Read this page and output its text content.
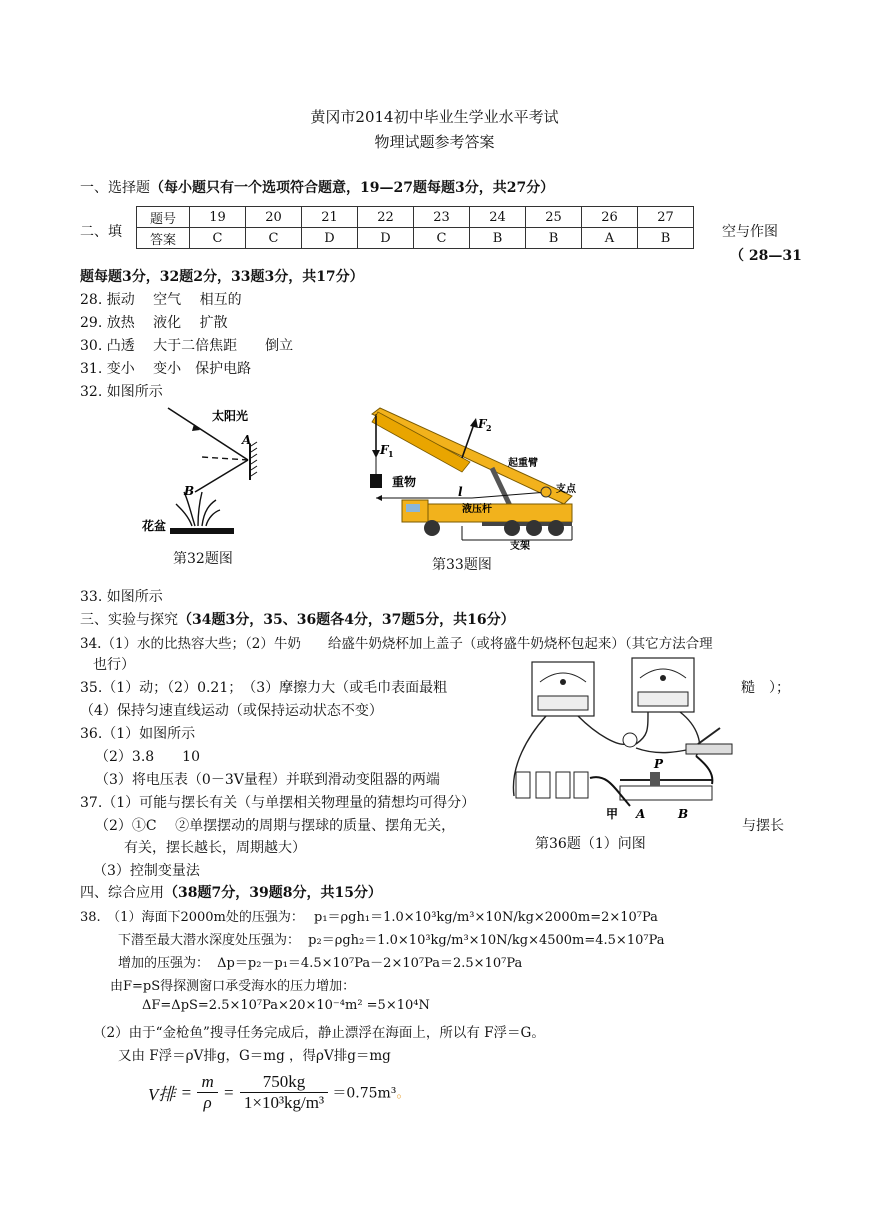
黄冈市2014初中毕业生学业水平考试
物理试题参考答案
一、选择题（每小题只有一个选项符合题意，19—27题每题3分，共27分）
二、填
题号	19	20	21	22	23	24	25	26	27
答案	C	C	D	D	C	B	B	A	B	空与作图
（ 28—31
题每题3分，32题2分，33题3分，共17分）
28. 振动　 空气　 相互的
29. 放热　 液化　 扩散
30. 凸透　 大于二倍焦距　　倒立
31. 变小　 变小　保护电路
32. 如图所示
太阳光
A
B
花盆
第32题图
F 1
F 2
重物
起重臂
支点
l
液压杆
支架
第33题图
33. 如图所示
三、实验与探究（34题3分，35、36题各4分，37题5分，共16分）
34.（1）水的比热容大些；（2）牛奶　　给盛牛奶烧杯加上盖子（或将盛牛奶烧杯包起来）（其它方法合理
也行）
35.（1）动；（2）0.21；　（3）摩擦力大（或毛巾表面最粗	糙　）；
（4）保持匀速直线运动（或保持运动状态不变）
36.（1）如图所示
（2）3.8　　10
（3）将电压表（0－3V量程）并联到滑动变阻器的两端
37.（1）可能与摆长有关（与单摆相关物理量的猜想均可得分）
（2）①C　 ②单摆摆动的周期与摆球的质量、摆角无关，	与摆长
有关，摆长越长，周期越大）
（3）控制变量法
甲 A	B
P
第36题（1）问图
四、综合应用（38题7分，39题8分，共15分）
38.　（1）海面下2000m处的压强为： p₁＝ρgh₁＝1.0×10³kg/m³×10N/kg×2000m=2×10⁷Pa
下潜至最大潜水深度处压强为： p₂＝ρgh₂＝1.0×10³kg/m³×10N/kg×4500m=4.5×10⁷Pa
增加的压强为： Δp＝p₂－p₁＝4.5×10⁷Pa－2×10⁷Pa＝2.5×10⁷Pa
由F=pS得探测窗口承受海水的压力增加：
ΔF=ΔpS=2.5×10⁷Pa×20×10⁻⁴m² =5×10⁴N
（2）由于“金枪鱼”搜寻任务完成后，静止漂浮在海面上，所以有 F浮＝G。
又由 F浮＝ρV排g，G＝mg ，得ρV排g＝mg
V排 = $\frac{m}{\rho} = \frac{750kg}{\text{1×10³kg/m³}} =0.75m^3$。
